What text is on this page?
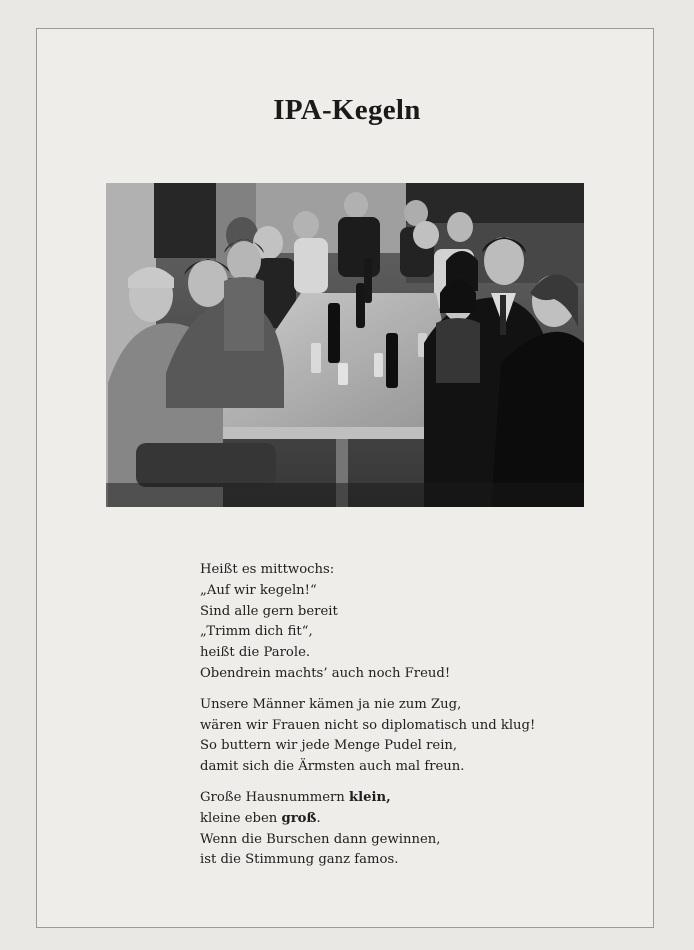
IPA-Kegeln
Heißt es mittwochs:
„Auf wir kegeln!“
Sind alle gern bereit
„Trimm dich fit“,
heißt die Parole.
Obendrein machts’ auch noch Freud!
Unsere Männer kämen ja nie zum Zug,
wären wir Frauen nicht so diplomatisch und klug!
So buttern wir jede Menge Pudel rein,
damit sich die Ärmsten auch mal freun.
Große Hausnummern klein,
kleine eben groß.
Wenn die Burschen dann gewinnen,
ist die Stimmung ganz famos.
